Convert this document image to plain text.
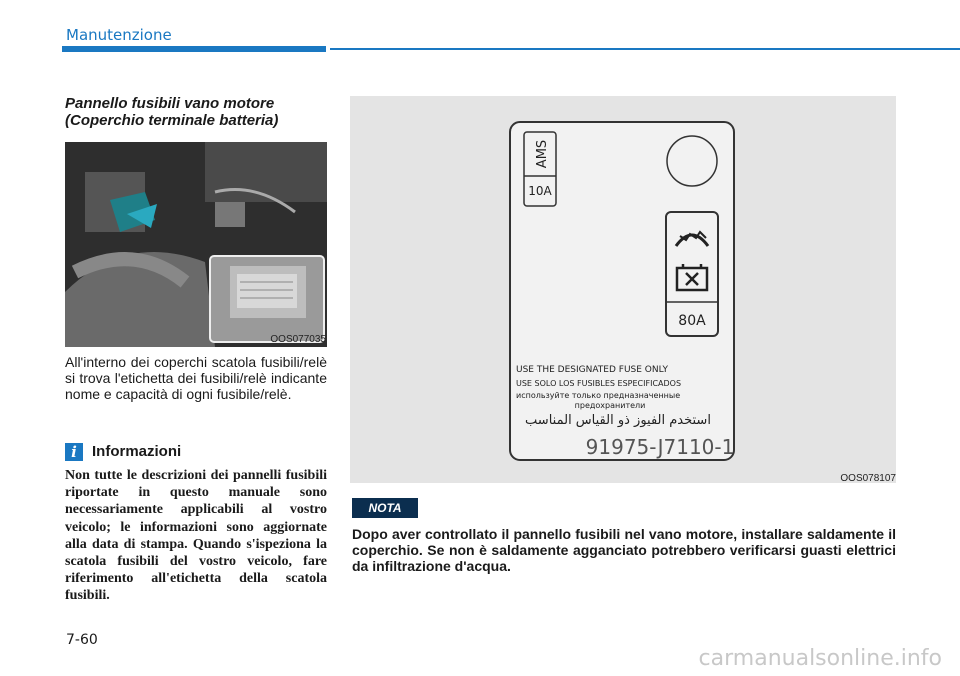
Manutenzione
Pannello fusibili vano motore (Coperchio terminale batteria)
OOS077035
All'interno dei coperchi scatola fusibili/relè si trova l'etichetta dei fusibili/relè indicante nome e capacità di ogni fusibile/relè.
i	Informazioni
Non tutte le descrizioni dei pannelli fusibili riportate in questo manuale sono necessariamente applicabili al vostro veicolo; le informazioni sono aggiornate alla data di stampa. Quando s'ispeziona la scatola fusibili del vostro veicolo, fare riferimento all'etichetta della scatola fusibili.
AMS
10A
80A
USE THE DESIGNATED FUSE ONLY
USE SOLO LOS FUSIBLES ESPECIFICADOS
используйте только предназначенные
предохранители
استخدم الفيوز ذو القياس المناسب
91975-J7110-1
OOS078107
NOTA
Dopo aver controllato il pannello fusibili nel vano motore, installare saldamente il coperchio. Se non è saldamente agganciato potrebbero verificarsi guasti elettrici da infiltrazione d'acqua.
7-60
carmanualsonline.info
